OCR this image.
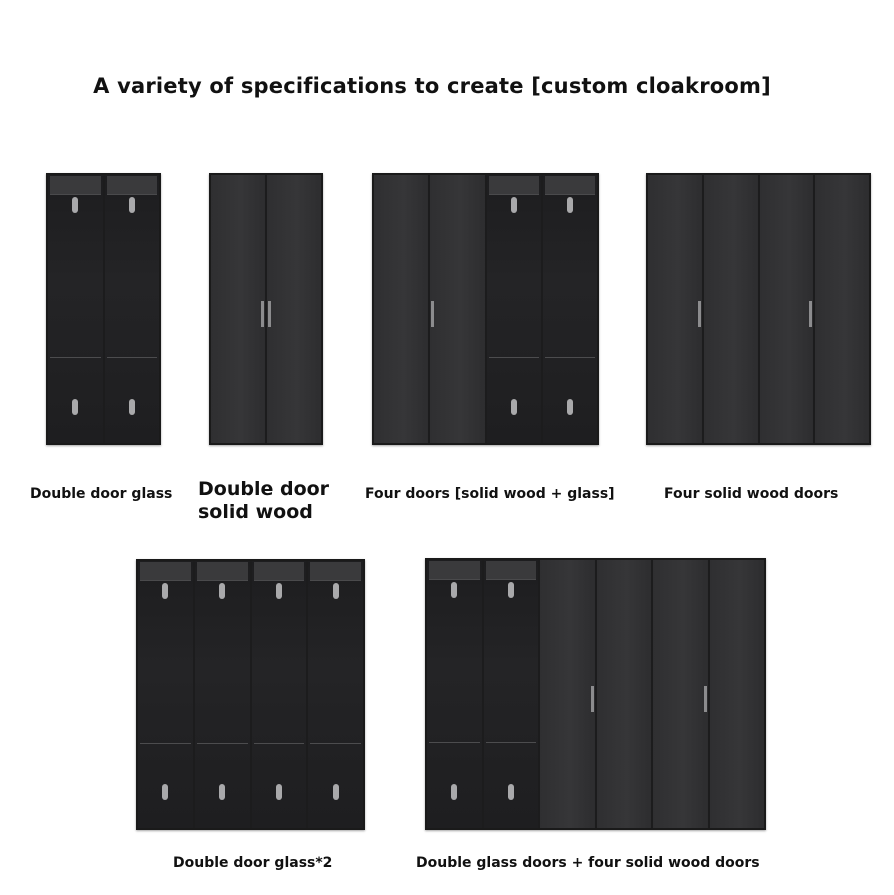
A variety of specifications to create [custom cloakroom]
Double door glass Double door solid wood
Four doors [solid wood + glass]	Four solid wood doors
Double door glass*2	Double glass doors + four solid wood doors
